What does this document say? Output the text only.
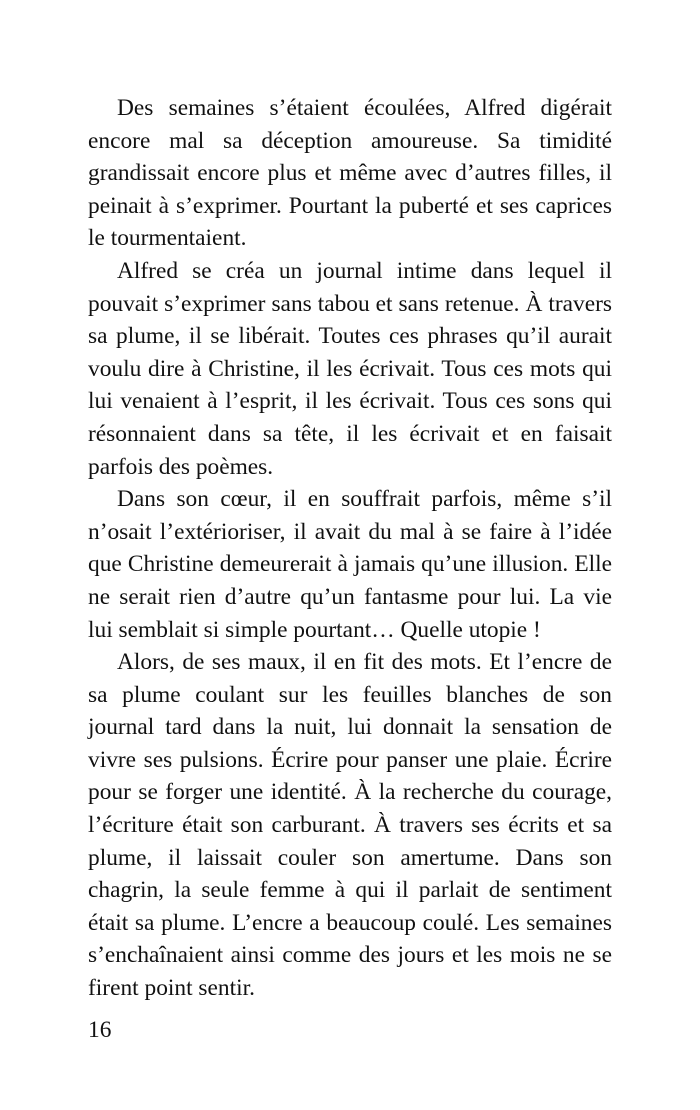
Des semaines s’étaient écoulées, Alfred digérait encore mal sa déception amoureuse. Sa timidité grandissait encore plus et même avec d’autres filles, il peinait à s’exprimer. Pourtant la puberté et ses caprices le tourmentaient.

Alfred se créa un journal intime dans lequel il pouvait s’exprimer sans tabou et sans retenue. À travers sa plume, il se libérait. Toutes ces phrases qu’il aurait voulu dire à Christine, il les écrivait. Tous ces mots qui lui venaient à l’esprit, il les écrivait. Tous ces sons qui résonnaient dans sa tête, il les écrivait et en faisait parfois des poèmes.

Dans son cœur, il en souffrait parfois, même s’il n’osait l’extérioriser, il avait du mal à se faire à l’idée que Christine demeurerait à jamais qu’une illusion. Elle ne serait rien d’autre qu’un fantasme pour lui. La vie lui semblait si simple pourtant… Quelle utopie !

Alors, de ses maux, il en fit des mots. Et l’encre de sa plume coulant sur les feuilles blanches de son journal tard dans la nuit, lui donnait la sensation de vivre ses pulsions. Écrire pour panser une plaie. Écrire pour se forger une identité. À la recherche du courage, l’écriture était son carburant. À travers ses écrits et sa plume, il laissait couler son amertume. Dans son chagrin, la seule femme à qui il parlait de sentiment était sa plume. L’encre a beaucoup coulé. Les semaines s’enchaînaient ainsi comme des jours et les mois ne se firent point sentir.

16
